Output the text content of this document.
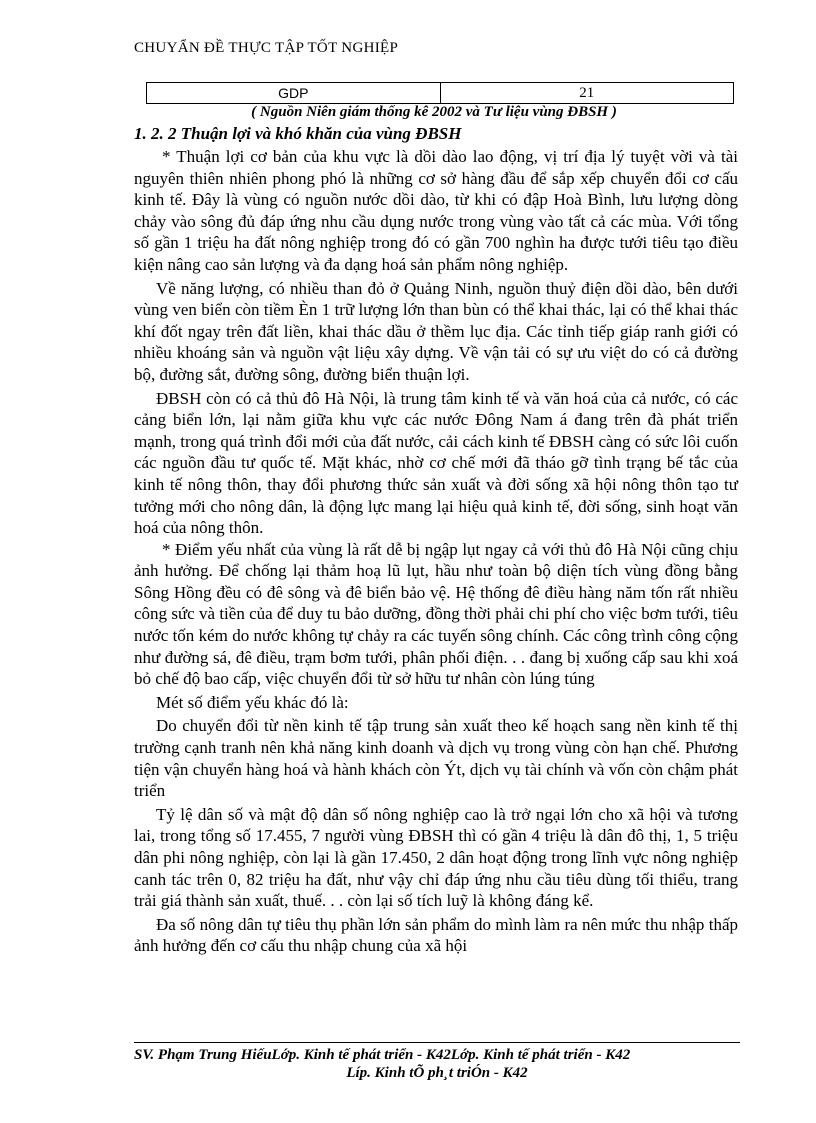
CHUYẨN ĐỀ THỰC TẬP TỐT NGHIỆP
GDP	21
( Nguồn Niên giám thống kê 2002 và Tư liệu vùng ĐBSH )
1. 2. 2 Thuận lợi và khó khăn của vùng ĐBSH

* Thuận lợi cơ bản của khu vực là dồi dào lao động, vị trí địa lý tuyệt vời và tài nguyên thiên nhiên phong phó là những cơ sở hàng đầu để sắp xếp chuyển đổi cơ cấu kinh tế. Đây là vùng có nguồn nước dồi dào, từ khi có đập Hoà Bình, lưu lượng dòng chảy vào sông đủ đáp ứng nhu cầu dụng nước trong vùng vào tất cả các mùa. Với tổng số gần 1 triệu ha đất nông nghiệp trong đó có gần 700 nghìn ha được tưới tiêu tạo điều kiện nâng cao sản lượng và đa dạng hoá sản phẩm nông nghiệp.

Về năng lượng, có nhiều than đỏ ở Quảng Ninh, nguồn thuỷ điện dồi dào, bên dưới vùng ven biển còn tiềm Èn 1 trữ lượng lớn than bùn có thể khai thác, lại có thể khai thác khí đốt ngay trên đất liền, khai thác dầu ở thềm lục địa. Các tỉnh tiếp giáp ranh giới có nhiều khoáng sản và nguồn vật liệu xây dựng. Về vận tải có sự ưu việt do có cả đường bộ, đường sắt, đường sông, đường biển thuận lợi.

ĐBSH còn có cả thủ đô Hà Nội, là trung tâm kinh tế và văn hoá của cả nước, có các cảng biển lớn, lại nằm giữa khu vực các nước Đông Nam á đang trên đà phát triển mạnh, trong quá trình đổi mới của đất nước, cải cách kinh tế ĐBSH càng có sức lôi cuốn các nguồn đầu tư quốc tế. Mặt khác, nhờ cơ chế mới đã tháo gỡ tình trạng bế tắc của kinh tế nông thôn, thay đổi phương thức sản xuất và đời sống xã hội nông thôn tạo tư tưởng mới cho nông dân, là động lực mang lại hiệu quả kinh tế, đời sống, sinh hoạt văn hoá của nông thôn.

* Điểm yếu nhất của vùng là rất dễ bị ngập lụt ngay cả với thủ đô Hà Nội cũng chịu ảnh hưởng. Để chống lại thảm hoạ lũ lụt, hầu như toàn bộ diện tích vùng đồng bằng Sông Hồng đều có đê sông và đê biển bảo vệ. Hệ thống đê điều hàng năm tốn rất nhiều công sức và tiền của để duy tu bảo dưỡng, đồng thời phải chi phí cho việc bơm tưới, tiêu nước tốn kém do nước không tự chảy ra các tuyến sông chính. Các công trình công cộng như đường sá, đê điều, trạm bơm tưới, phân phối điện. . . đang bị xuống cấp sau khi xoá bỏ chế độ bao cấp, việc chuyển đổi từ sở hữu tư nhân còn lúng túng

Mét số điểm yếu khác đó là:

Do chuyển đổi từ nền kinh tế tập trung sản xuất theo kế hoạch sang nền kinh tế thị trường cạnh tranh nên khả năng kinh doanh và dịch vụ trong vùng còn hạn chế. Phương tiện vận chuyển hàng hoá và hành khách còn Ýt, dịch vụ tài chính và vốn còn chậm phát triển

Tỷ lệ dân số và mật độ dân số nông nghiệp cao là trở ngại lớn cho xã hội và tương lai, trong tổng số 17.455, 7 người vùng ĐBSH thì có gần 4 triệu là dân đô thị, 1, 5 triệu dân phi nông nghiệp, còn lại là gần 17.450, 2 dân hoạt động trong lĩnh vực nông nghiệp canh tác trên 0, 82 triệu ha đất, như vậy chỉ đáp ứng nhu cầu tiêu dùng tối thiểu, trang trải giá thành sản xuất, thuế. . . còn lại số tích luỹ là không đáng kể.

Đa số nông dân tự tiêu thụ phần lớn sản phẩm do mình làm ra nên mức thu nhập thấp ảnh hưởng đến cơ cấu thu nhập chung của xã hội

SV. Phạm Trung HiếuLớp. Kinh tế phát triển - K42Lớp. Kinh tế phát triển - K42
Líp. Kinh tÕ ph¸t triÓn - K42
